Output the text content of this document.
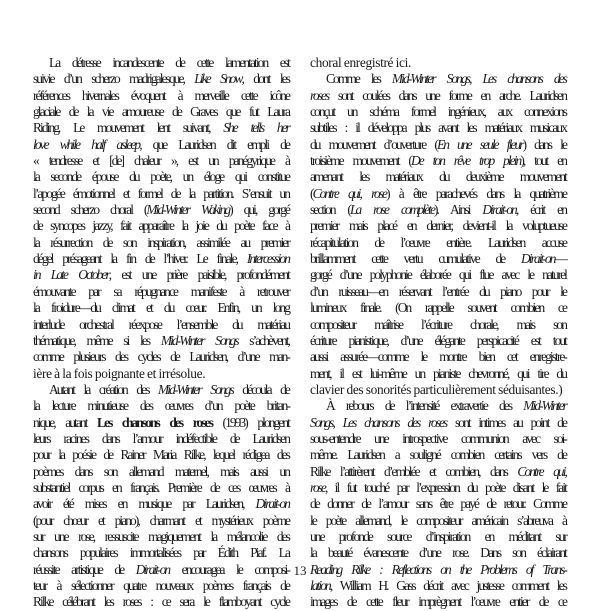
La détresse incandescente de cette lamentation est
suivie d’un scherzo madrigalesque, Like Snow, dont les
références hivernales évoquent à merveille cette icône
glaciale de la vie amoureuse de Graves que fut Laura
Riding. Le mouvement lent suivant, She tells her
love while half asleep, que Lauridsen dit empli de
« tendresse et [de] chaleur », est un panégyrique à
la seconde épouse du poète, un éloge qui constitue
l’apogée émotionnel et formel de la partition. S’ensuit un
second scherzo choral (Mid-Winter Waking) qui, gorgé
de syncopes jazzy, fait apparaître la joie du poète face à
la résurrection de son inspiration, assimilée au premier
dégel présageant la fin de l’hiver. Le finale, Intercession
in Late October, est une prière paisible, profondément
émouvante par sa répugnance manifeste à retrouver
la froidure—du climat et du cœur. Enfin, un long
interlude orchestral réexpose l’ensemble du matériau
thématique, même si les Mid-Winter Songs s’achèvent,
comme plusieurs des cycles de Lauridsen, d’une man-
ière à la fois poignante et irrésolue.
Autant la création des Mid-Winter Songs découla de
la lecture minutieuse des œuvres d’un poète britan-
nique, autant Les chansons des roses (1993) plongent
leurs racines dans l’amour indéfectible de Lauridsen
pour la poésie de Rainer Maria Rilke, lequel rédigea des
poèmes dans son allemand maternel, mais aussi un
substantiel corpus en français. Première de ces œuvres à
avoir été mises en musique par Lauridsen, Dirait-on
(pour chœur et piano), charmant et mystérieux poème
sur une rose, ressuscite magiquement la mélancolie des
chansons populaires immortalisées par Édith Piaf. La
réussite artistique de Dirait-on encouragea le composi-
teur à sélectionner quatre nouveaux poèmes français de
Rilke célébrant les roses : ce sera le flamboyant cycle
choral enregistré ici.
Comme les Mid-Winter Songs, Les chansons des
roses sont coulées dans une forme en arche. Lauridsen
conçut un schéma formel ingénieux, aux connexions
subtiles : il développa plus avant les matériaux musicaux
du mouvement d’ouverture (En une seule fleur) dans le
troisième mouvement (De ton rêve trop plein), tout en
amenant les matériaux du deuxième mouvement
(Contre qui, rose) à être parachevés dans la quatrième
section (La rose complète). Ainsi Dirait-on, écrit en
premier mais placé en dernier, devient-il la voluptueuse
récapitulation de l’œuvre entière. Lauridsen accuse
brillamment cette vertu cumulative de Dirait-on—
gorgé d’une polyphonie élaborée qui flue avec le naturel
d’un ruisseau—en réservant l’entrée du piano pour le
lumineux finale. (On rappelle souvent combien ce
compositeur maîtrise l’écriture chorale, mais son
écriture pianistique, d’une élégante perspicacité est tout
aussi assurée—comme le montre bien cet enregistre-
ment, il est lui-même un pianiste chevronné, qui tire du
clavier des sonorités particulièrement séduisantes.)
À rebours de l’intensité extravertie des Mid-Winter
Songs, Les chansons des roses sont intimes au point de
sous-entendre une introspective communion avec soi-
même. Lauridsen a souligné combien certains vers de
Rilke l’attirèrent d’emblée et combien, dans Contre qui,
rose, il fut touché par l’expression du poète disant le fait
de donner de l’amour sans être payé de retour. Comme
le poète allemand, le compositeur américain s’abreuva à
une profonde source d’inspiration en méditant sur
la beauté évanescente d’une rose. Dans son éclairant
Reading Rilke : Reflections on the Problems of Trans-
lation, William H. Gass décrit avec justesse comment les
images de cette fleur imprègnent l’œuvre entier de ce
13
